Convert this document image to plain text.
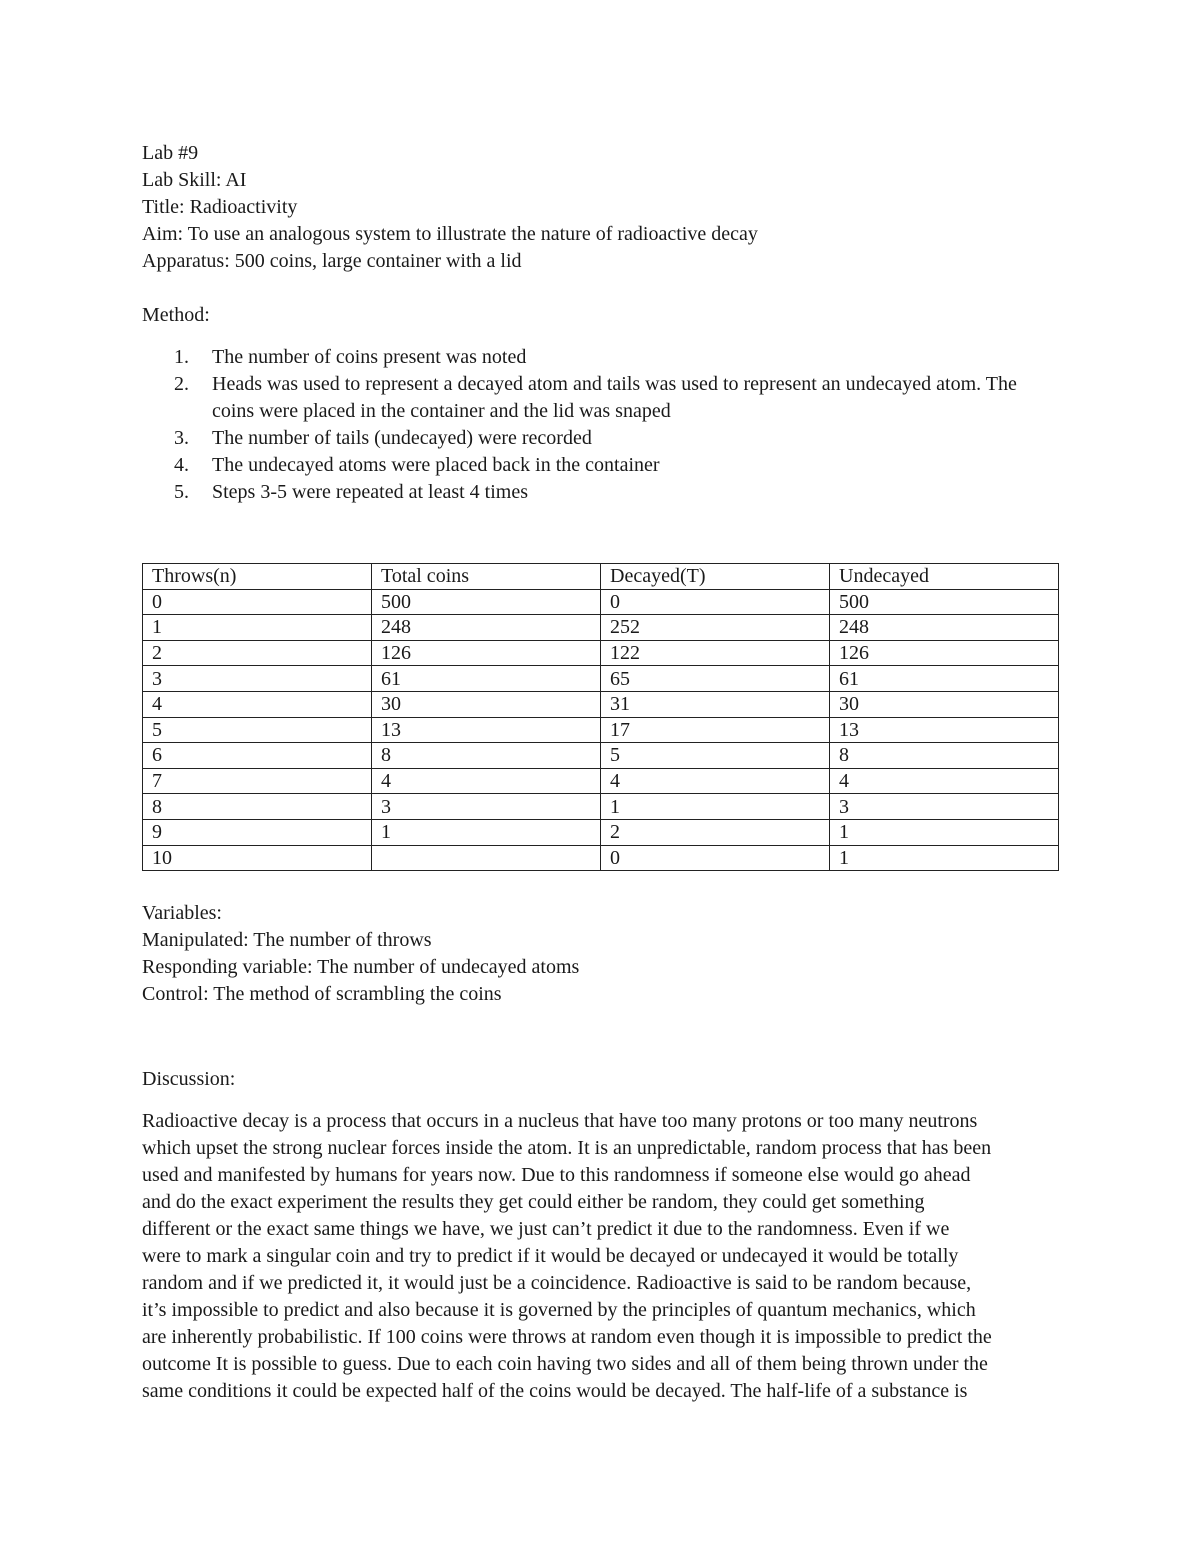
Lab #9
Lab Skill: AI
Title: Radioactivity
Aim: To use an analogous system to illustrate the nature of radioactive decay
Apparatus: 500 coins, large container with a lid
Method:
1. The number of coins present was noted
2. Heads was used to represent a decayed atom and tails was used to represent an undecayed atom. The coins were placed in the container and the lid was snaped
3. The number of tails (undecayed) were recorded
4. The undecayed atoms were placed back in the container
5. Steps 3-5 were repeated at least 4 times
Throws(n)	Total coins	Decayed(T)	Undecayed
0	500	0	500
1	248	252	248
2	126	122	126
3	61	65	61
4	30	31	30
5	13	17	13
6	8	5	8
7	4	4	4
8	3	1	3
9	1	2	1
10		0	1
Variables:
Manipulated: The number of throws
Responding variable: The number of undecayed atoms
Control: The method of scrambling the coins
Discussion:
Radioactive decay is a process that occurs in a nucleus that have too many protons or too many neutrons
which upset the strong nuclear forces inside the atom. It is an unpredictable, random process that has been
used and manifested by humans for years now. Due to this randomness if someone else would go ahead
and do the exact experiment the results they get could either be random, they could get something
different or the exact same things we have, we just can’t predict it due to the randomness. Even if we
were to mark a singular coin and try to predict if it would be decayed or undecayed it would be totally
random and if we predicted it, it would just be a coincidence. Radioactive is said to be random because,
it’s impossible to predict and also because it is governed by the principles of quantum mechanics, which
are inherently probabilistic. If 100 coins were throws at random even though it is impossible to predict the
outcome It is possible to guess. Due to each coin having two sides and all of them being thrown under the
same conditions it could be expected half of the coins would be decayed. The half-life of a substance is
